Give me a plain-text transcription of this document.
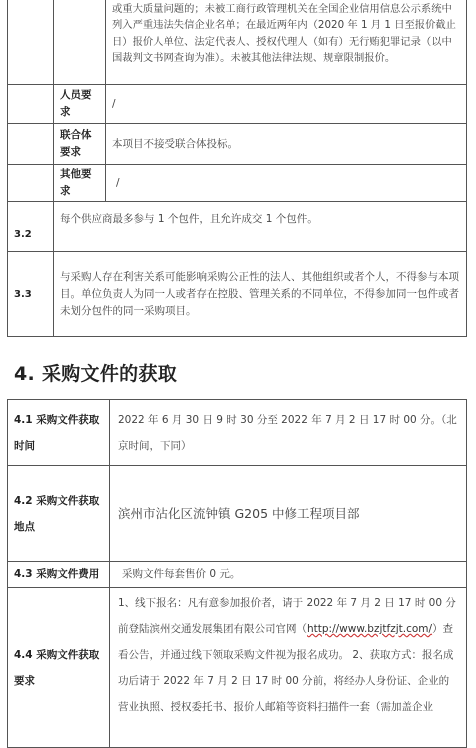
		或重大质量问题的；未被工商行政管理机关在全国企业信用信息公示系统中列入严重违法失信企业名单；在最近两年内（2020 年 1 月 1 日至报价截止日）报价人单位、法定代表人、授权代理人（如有）无行贿犯罪记录（以中国裁判文书网查询为准）。未被其他法律法规、规章限制报价。

	人员要求	/

	联合体要求	本项目不接受联合体投标。

	其他要求	/

3.2	每个供应商最多参与 1 个包件，且允许成交 1 个包件。	

3.3	与采购人存在利害关系可能影响采购公正性的法人、其他组织或者个人，不得参与本项目。单位负责人为同一人或者存在控股、管理关系的不同单位，不得参加同一包件或者未划分包件的同一采购项目。	
4. 采购文件的获取
4.1 采购文件获取时间	2022 年 6 月 30 日 9 时 30 分至 2022 年 7 月 2 日 17 时 00 分。（北京时间，下同）

4.2 采购文件获取地点	滨州市沾化区流钟镇 G205 中修工程项目部

4.3 采购文件费用	采购文件每套售价 0 元。

4.4 采购文件获取要求	1、线下报名：凡有意参加报价者，请于 2022 年 7 月 2 日 17 时 00 分前登陆滨州交通发展集团有限公司官网（http://www.bzjtfzjt.com/）查看公告，并通过线下领取采购文件视为报名成功。 2、获取方式：报名成功后请于 2022 年 7 月 2 日 17 时 00 分前，将经办人身份证、企业的营业执照、授权委托书、报价人邮箱等资料扫描件一套（需加盖企业
